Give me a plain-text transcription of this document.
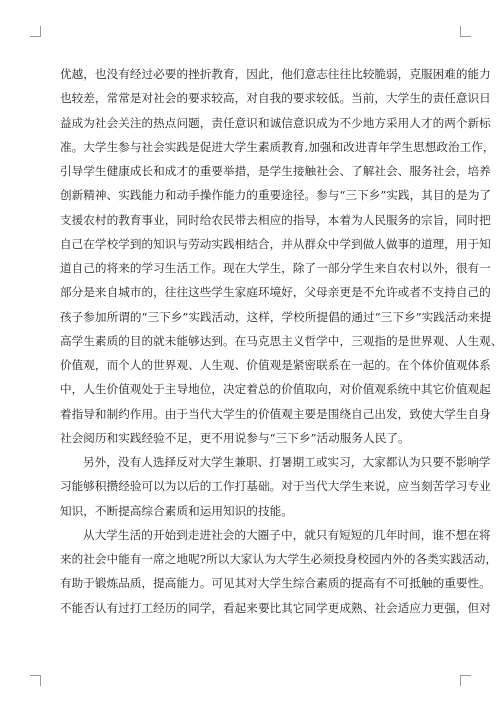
优越，也没有经过必要的挫折教育，因此，他们意志往往比较脆弱，克服困难的能力
也较差，常常是对社会的要求较高，对自我的要求较低。当前，大学生的责任意识日
益成为社会关注的热点问题，责任意识和诚信意识成为不少地方采用人才的两个新标
准。大学生参与社会实践是促进大学生素质教育,加强和改进青年学生思想政治工作，
引导学生健康成长和成才的重要举措，是学生接触社会、了解社会、服务社会，培养
创新精神、实践能力和动手操作能力的重要途径。参与“三下乡”实践，其目的是为了
支援农村的教育事业，同时给农民带去相应的指导，本着为人民服务的宗旨，同时把
自己在学校学到的知识与劳动实践相结合，并从群众中学到做人做事的道理，用于知
道自己的将来的学习生活工作。现在大学生，除了一部分学生来自农村以外，很有一
部分是来自城市的，往往这些学生家庭环境好，父母亲更是不允许或者不支持自己的
孩子参加所谓的“三下乡”实践活动，这样，学校所提倡的通过“三下乡”实践活动来提
高学生素质的目的就未能够达到。在马克思主义哲学中，三观指的是世界观、人生观、
价值观，而个人的世界观、人生观、价值观是紧密联系在一起的。在个体价值观体系
中，人生价值观处于主导地位，决定着总的价值取向，对价值观系统中其它价值观起
着指导和制约作用。由于当代大学生的价值观主要是围绕自己出发，致使大学生自身
社会阅历和实践经验不足，更不用说参与“三下乡”活动服务人民了。
另外，没有人选择反对大学生兼职、打暑期工或实习，大家都认为只要不影响学
习能够积攒经验可以为以后的工作打基础。对于当代大学生来说，应当刻苦学习专业
知识，不断提高综合素质和运用知识的技能。
从大学生活的开始到走进社会的大圈子中，就只有短短的几年时间，谁不想在将
来的社会中能有一席之地呢?所以大家认为大学生必须投身校园内外的各类实践活动，
有助于锻炼品质，提高能力。可见其对大学生综合素质的提高有不可抵触的重要性。
不能否认有过打工经历的同学，看起来要比其它同学更成熟、社会适应力更强，但对
